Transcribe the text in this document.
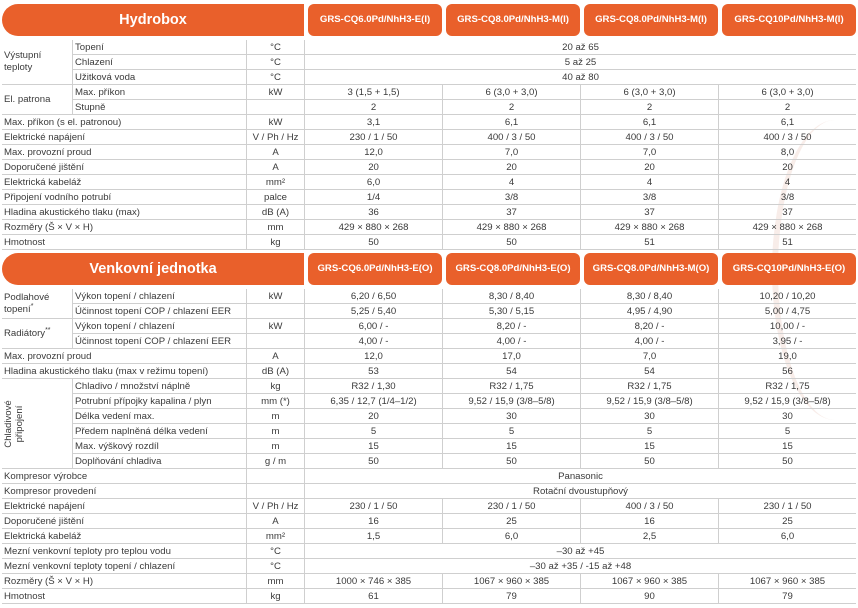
Hydrobox			GRS-CQ6.0Pd/NhH3-E(I)	GRS-CQ8.0Pd/NhH3-M(I)	GRS-CQ8.0Pd/NhH3-M(I)	GRS-CQ10Pd/NhH3-M(I)

Výstupní teploty	Topení	°C	20 až 65			
	Chlazení	°C	5 až 25			
	Užitková voda	°C	40 až 80			
El. patrona	Max. příkon	kW	3 (1,5 + 1,5)	6 (3,0 + 3,0)	6 (3,0 + 3,0)	6 (3,0 + 3,0)
	Stupně		2	2	2	2
Max. příkon (s el. patronou)		kW	3,1	6,1	6,1	6,1
Elektrické napájení		V / Ph / Hz	230 / 1 / 50	400 / 3 / 50	400 / 3 / 50	400 / 3 / 50
Max. provozní proud		A	12,0	7,0	7,0	8,0
Doporučené jištění		A	20	20	20	20
Elektrická kabeláž		mm²	6,0	4	4	4
Připojení vodního potrubí		palce	1/4	3/8	3/8	3/8
Hladina akustického tlaku (max)		dB (A)	36	37	37	37
Rozměry (Š × V × H)		mm	429 × 880 × 268	429 × 880 × 268	429 × 880 × 268	429 × 880 × 268
Hmotnost		kg	50	50	51	51
Venkovní jednotka			GRS-CQ6.0Pd/NhH3-E(O)	GRS-CQ8.0Pd/NhH3-E(O)	GRS-CQ8.0Pd/NhH3-M(O)	GRS-CQ10Pd/NhH3-E(O)

Podlahové topení*	Výkon topení / chlazení	kW	6,20 / 6,50	8,30 / 8,40	8,30 / 8,40	10,20 / 10,20
	Účinnost topení COP / chlazení EER		5,25 / 5,40	5,30 / 5,15	4,95 / 4,90	5,00 / 4,75
Radiátory**	Výkon topení / chlazení	kW	6,00 / -	8,20 / -	8,20 / -	10,00 / -
	Účinnost topení COP / chlazení EER		4,00 / -	4,00 / -	4,00 / -	3,95 / -
Max. provozní proud		A	12,0	17,0	7,0	19,0
Hladina akustického tlaku (max v režimu topení)		dB (A)	53	54	54	56

Chladivové připojení	Chladivo / množství náplně	kg	R32 / 1,30	R32 / 1,75	R32 / 1,75	R32 / 1,75
	Potrubní přípojky kapalina / plyn	mm (*)	6,35 / 12,7 (1/4–1/2)	9,52 / 15,9 (3/8–5/8)	9,52 / 15,9 (3/8–5/8)	9,52 / 15,9 (3/8–5/8)
	Délka vedení max.	m	20	30	30	30
	Předem naplněná délka vedení	m	5	5	5	5
	Max. výškový rozdíl	m	15	15	15	15
	Doplňování chladiva	g / m	50	50	50	50
Kompresor výrobce			Panasonic			
Kompresor provedení			Rotační dvoustupňový			
Elektrické napájení		V / Ph / Hz	230 / 1 / 50	230 / 1 / 50	400 / 3 / 50	230 / 1 / 50
Doporučené jištění		A	16	25	16	25
Elektrická kabeláž		mm²	1,5	6,0	2,5	6,0
Mezní venkovní teploty pro teplou vodu		°C	–30 až +45			
Mezní venkovní teploty topení / chlazení		°C	–30 až +35 / -15 až +48			
Rozměry (Š × V × H)		mm	1000 × 746 × 385	1067 × 960 × 385	1067 × 960 × 385	1067 × 960 × 385
Hmotnost		kg	61	79	90	79
